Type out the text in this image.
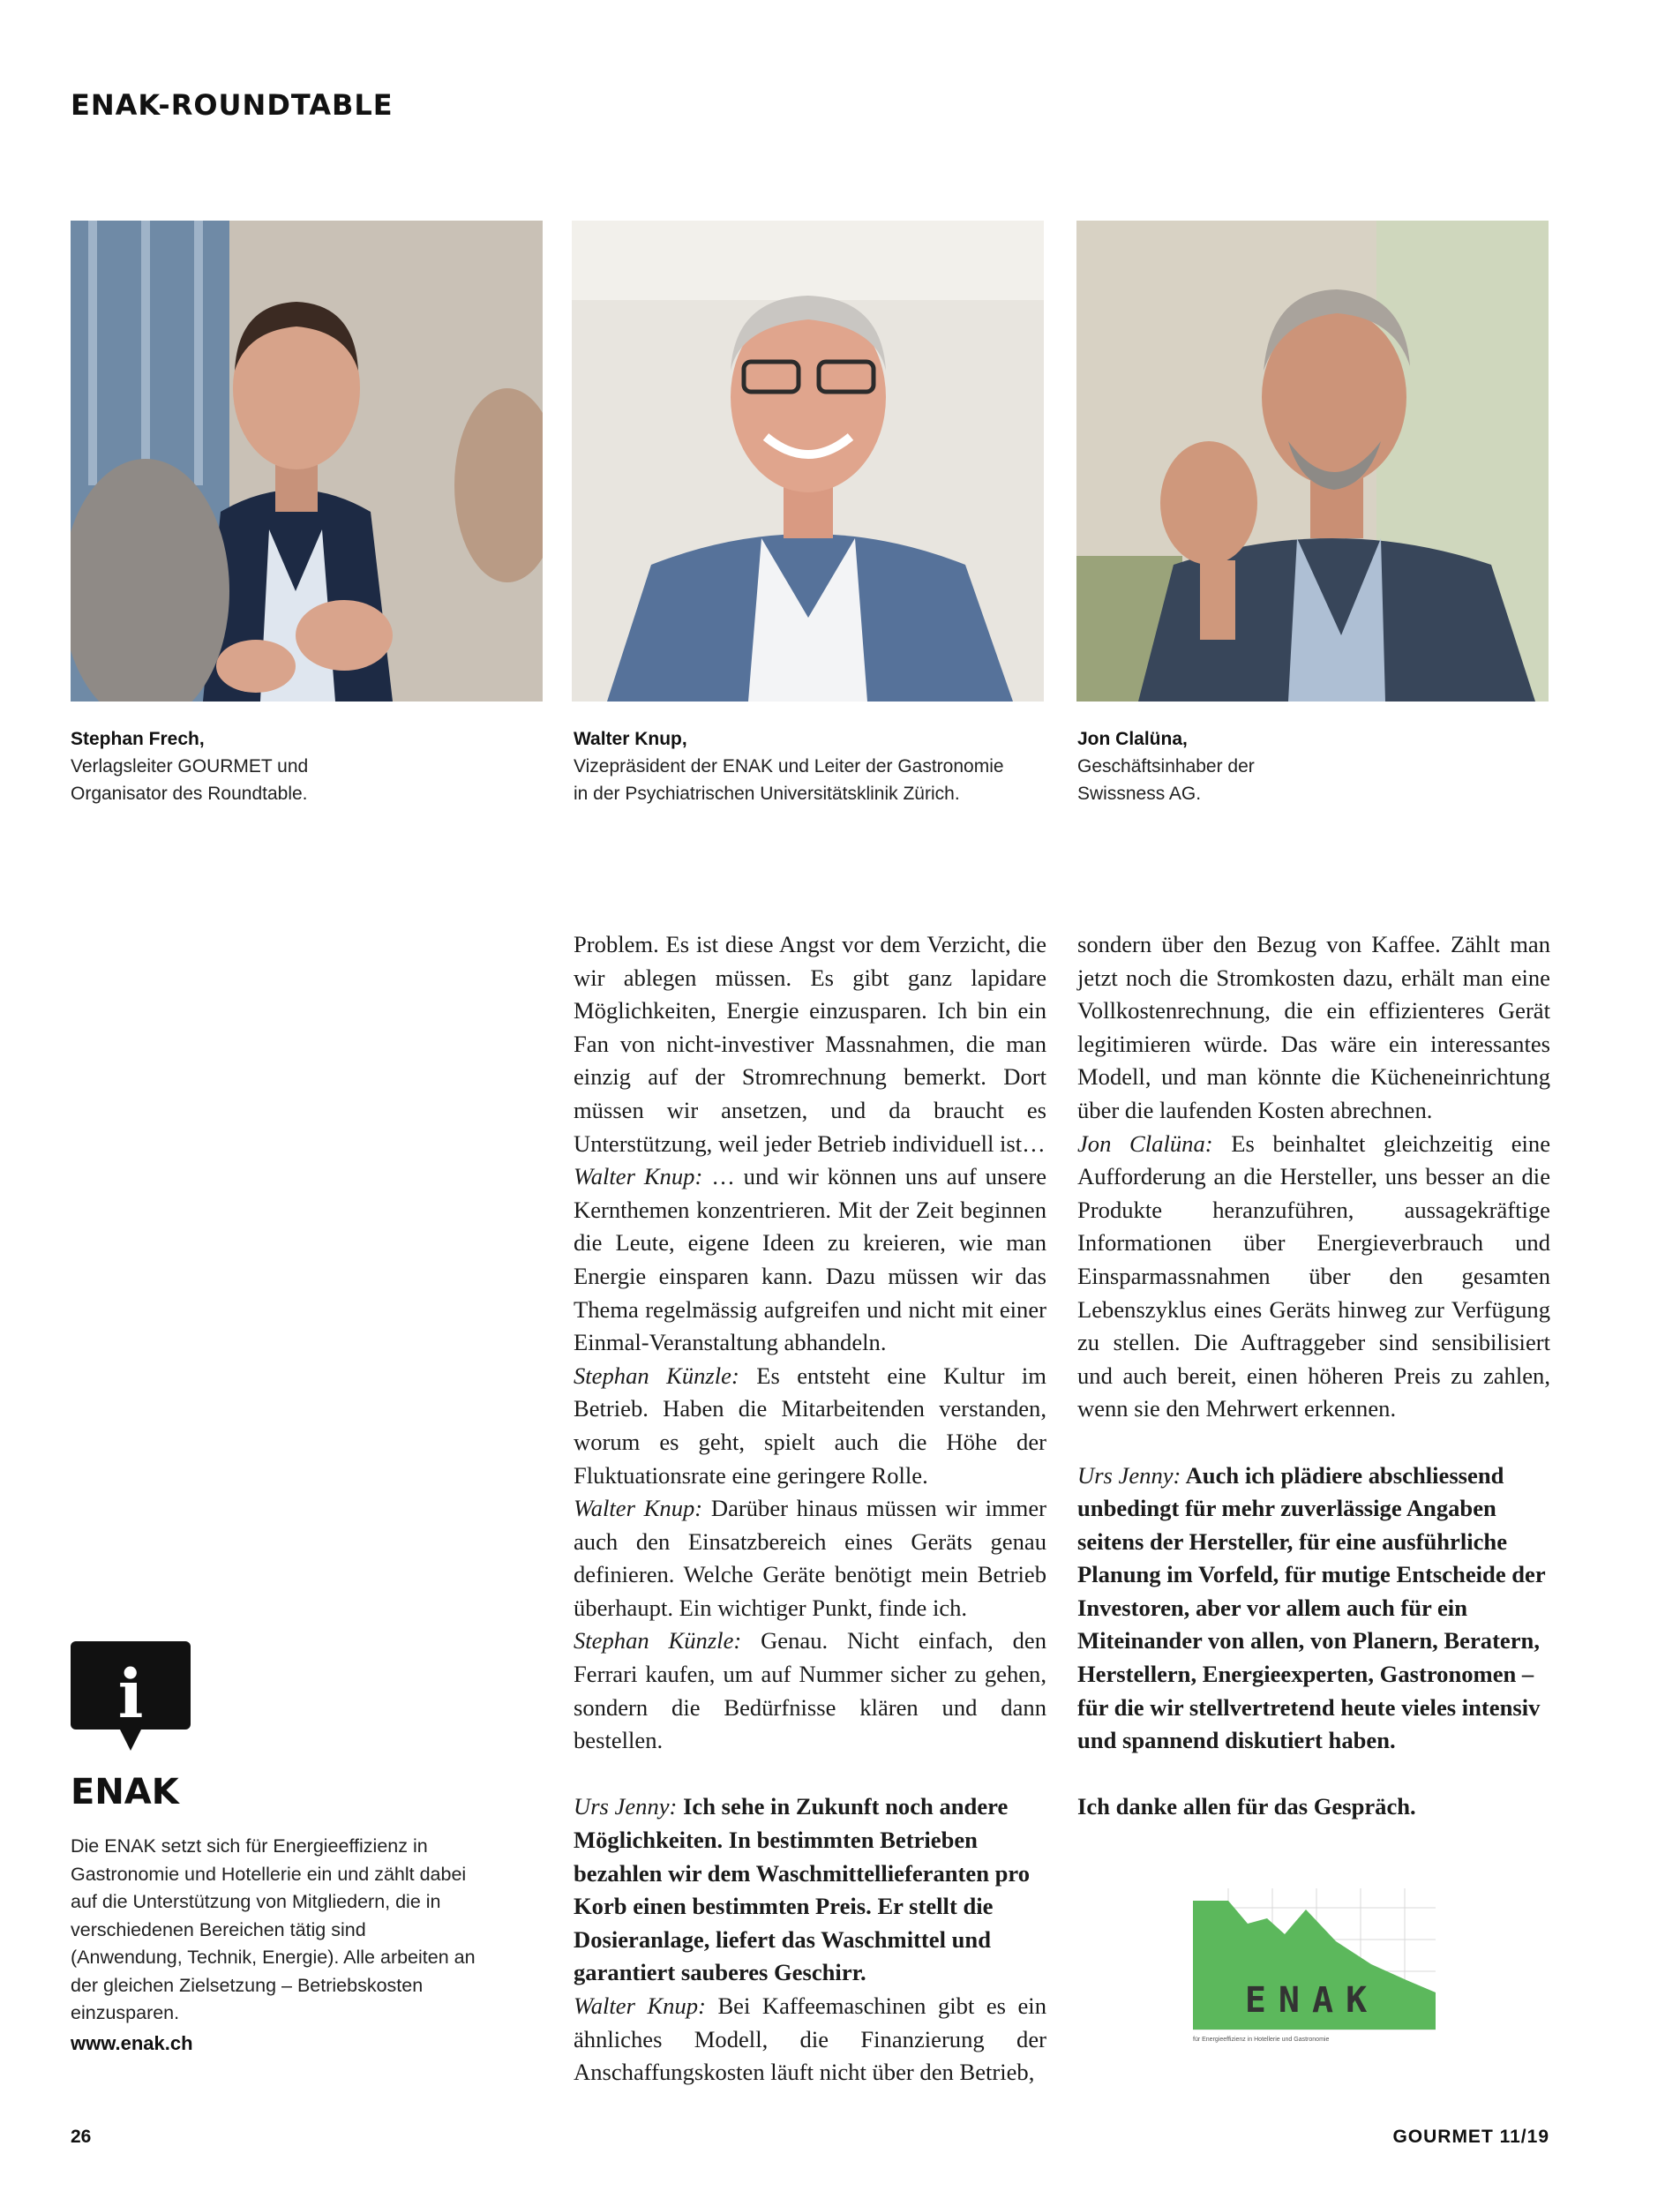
ENAK-ROUNDTABLE
Stephan Frech,
Verlagsleiter GOURMET und
Organisator des Roundtable.
Walter Knup,
Vizepräsident der ENAK und Leiter der Gastronomie
in der Psychiatrischen Universitätsklinik Zürich.
Jon Clalüna,
Geschäftsinhaber der
Swissness AG.

Problem. Es ist diese Angst vor dem Verzicht, die wir ablegen müssen. Es gibt ganz lapidare Möglichkeiten, Energie einzusparen. Ich bin ein Fan von nicht-investiver Massnahmen, die man einzig auf der Stromrechnung bemerkt. Dort müssen wir ansetzen, und da braucht es Unterstützung, weil jeder Betrieb individuell ist…

Walter Knup: … und wir können uns auf unsere Kernthemen konzentrieren. Mit der Zeit beginnen die Leute, eigene Ideen zu kreieren, wie man Energie einsparen kann. Dazu müssen wir das Thema regelmässig aufgreifen und nicht mit einer Einmal-Veranstaltung abhandeln.

Stephan Künzle: Es entsteht eine Kultur im Betrieb. Haben die Mitarbeitenden verstanden, worum es geht, spielt auch die Höhe der Fluktuationsrate eine geringere Rolle.

Walter Knup: Darüber hinaus müssen wir immer auch den Einsatzbereich eines Geräts genau definieren. Welche Geräte benötigt mein Betrieb überhaupt. Ein wichtiger Punkt, finde ich.

Stephan Künzle: Genau. Nicht einfach, den Ferrari kaufen, um auf Nummer sicher zu gehen, sondern die Bedürfnisse klären und dann bestellen.

Urs Jenny: Ich sehe in Zukunft noch andere Möglichkeiten. In bestimmten Betrieben bezahlen wir dem Waschmittellieferanten pro Korb einen bestimmten Preis. Er stellt die Dosieranlage, liefert das Waschmittel und garantiert sauberes Geschirr.

Walter Knup: Bei Kaffeemaschinen gibt es ein ähnliches Modell, die Finanzierung der Anschaffungskosten läuft nicht über den Betrieb,

sondern über den Bezug von Kaffee. Zählt man jetzt noch die Stromkosten dazu, erhält man eine Vollkostenrechnung, die ein effizienteres Gerät legitimieren würde. Das wäre ein interessantes Modell, und man könnte die Kücheneinrichtung über die laufenden Kosten abrechnen.

Jon Clalüna: Es beinhaltet gleichzeitig eine Aufforderung an die Hersteller, uns besser an die Produkte heranzuführen, aussagekräftige Informationen über Energieverbrauch und Einsparmassnahmen über den gesamten Lebenszyklus eines Geräts hinweg zur Verfügung zu stellen. Die Auftraggeber sind sensibilisiert und auch bereit, einen höheren Preis zu zahlen, wenn sie den Mehrwert erkennen.

Urs Jenny: Auch ich plädiere abschliessend unbedingt für mehr zuverlässige Angaben seitens der Hersteller, für eine ausführliche Planung im Vorfeld, für mutige Entscheide der Investoren, aber vor allem auch für ein Miteinander von allen, von Planern, Beratern, Herstellern, Energieexperten, Gastronomen – für die wir stellvertretend heute vieles intensiv und spannend diskutiert haben.

Ich danke allen für das Gespräch.

i
ENAK
Die ENAK setzt sich für Energieeffizienz in Gastronomie und Hotellerie ein und zählt dabei auf die Unterstützung von Mitgliedern, die in verschiedenen Bereichen tätig sind (Anwendung, Technik, Energie). Alle arbeiten an der gleichen Zielsetzung – Betriebskosten einzusparen.
www.enak.ch
ENAK
für Energieeffizienz in Hotellerie und Gastronomie
26	GOURMET 11/19
